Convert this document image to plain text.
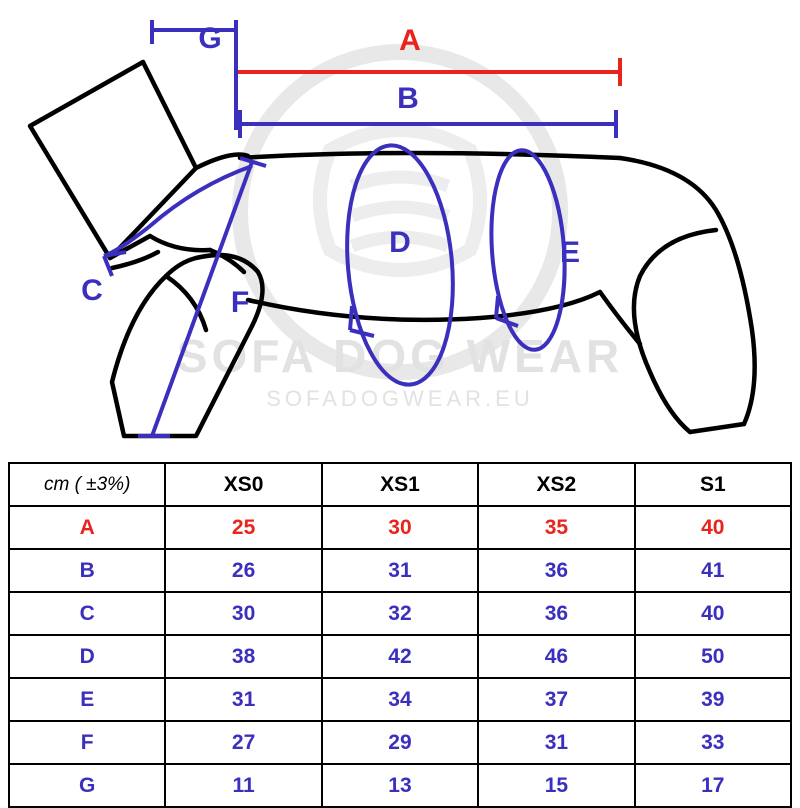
SOFA DOG WEAR
SOFADOGWEAR.EU
A
B
G
C
D	E
F
cm ( ±3%)	XS0	XS1	XS2	S1
A	25	30	35	40
B	26	31	36	41
C	30	32	36	40
D	38	42	46	50
E	31	34	37	39
F	27	29	31	33
G	11	13	15	17
